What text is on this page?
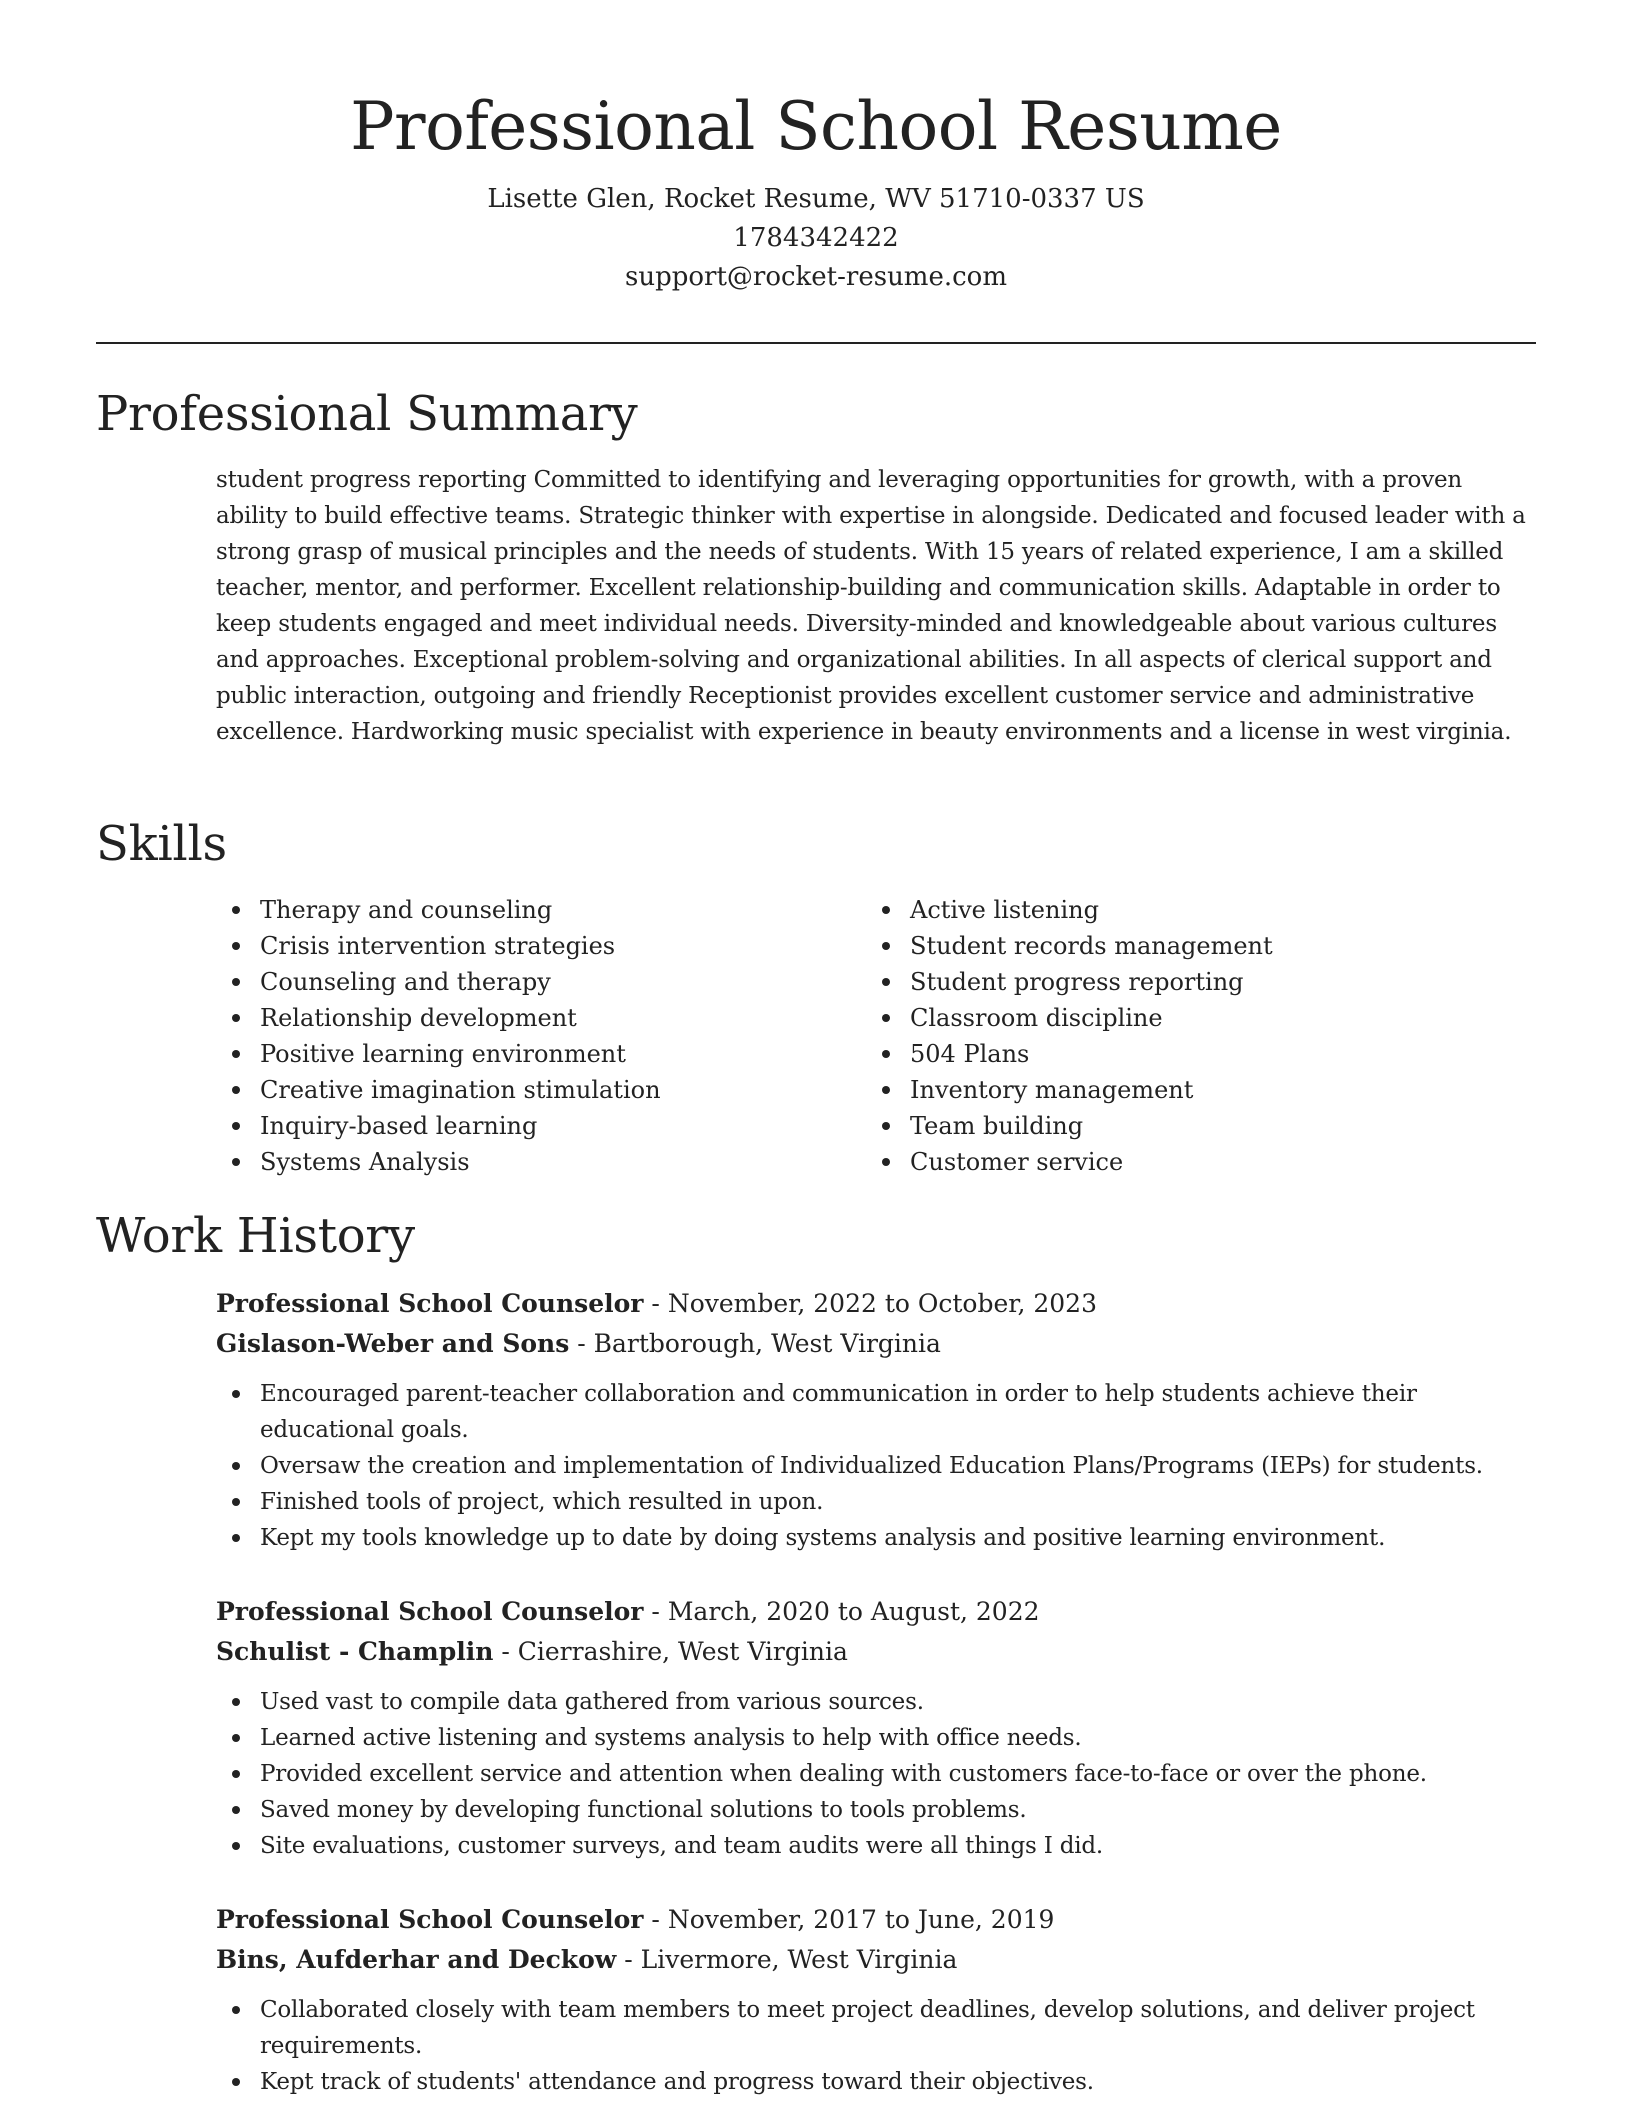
Professional School Resume
Lisette Glen, Rocket Resume, WV 51710-0337 US
1784342422
support@rocket-resume.com
Professional Summary

student progress reporting Committed to identifying and leveraging opportunities for growth, with a proven ability to build effective teams. Strategic thinker with expertise in alongside. Dedicated and focused leader with a strong grasp of musical principles and the needs of students. With 15 years of related experience, I am a skilled teacher, mentor, and performer. Excellent relationship-building and communication skills. Adaptable in order to keep students engaged and meet individual needs. Diversity-minded and knowledgeable about various cultures and approaches. Exceptional problem-solving and organizational abilities. In all aspects of clerical support and public interaction, outgoing and friendly Receptionist provides excellent customer service and administrative excellence. Hardworking music specialist with experience in beauty environments and a license in west virginia.

Skills
Therapy and counseling
Crisis intervention strategies
Counseling and therapy
Relationship development
Positive learning environment
Creative imagination stimulation
Inquiry-based learning
Systems Analysis
Active listening
Student records management
Student progress reporting
Classroom discipline
504 Plans
Inventory management
Team building
Customer service
Work History
Professional School Counselor - November, 2022 to October, 2023
Gislason-Weber and Sons - Bartborough, West Virginia
Encouraged parent-teacher collaboration and communication in order to help students achieve their educational goals.
Oversaw the creation and implementation of Individualized Education Plans/Programs (IEPs) for students.
Finished tools of project, which resulted in upon.
Kept my tools knowledge up to date by doing systems analysis and positive learning environment.
Professional School Counselor - March, 2020 to August, 2022
Schulist - Champlin - Cierrashire, West Virginia
Used vast to compile data gathered from various sources.
Learned active listening and systems analysis to help with office needs.
Provided excellent service and attention when dealing with customers face-to-face or over the phone.
Saved money by developing functional solutions to tools problems.
Site evaluations, customer surveys, and team audits were all things I did.
Professional School Counselor - November, 2017 to June, 2019
Bins, Aufderhar and Deckow - Livermore, West Virginia
Collaborated closely with team members to meet project deadlines, develop solutions, and deliver project requirements.
Kept track of students' attendance and progress toward their objectives.
